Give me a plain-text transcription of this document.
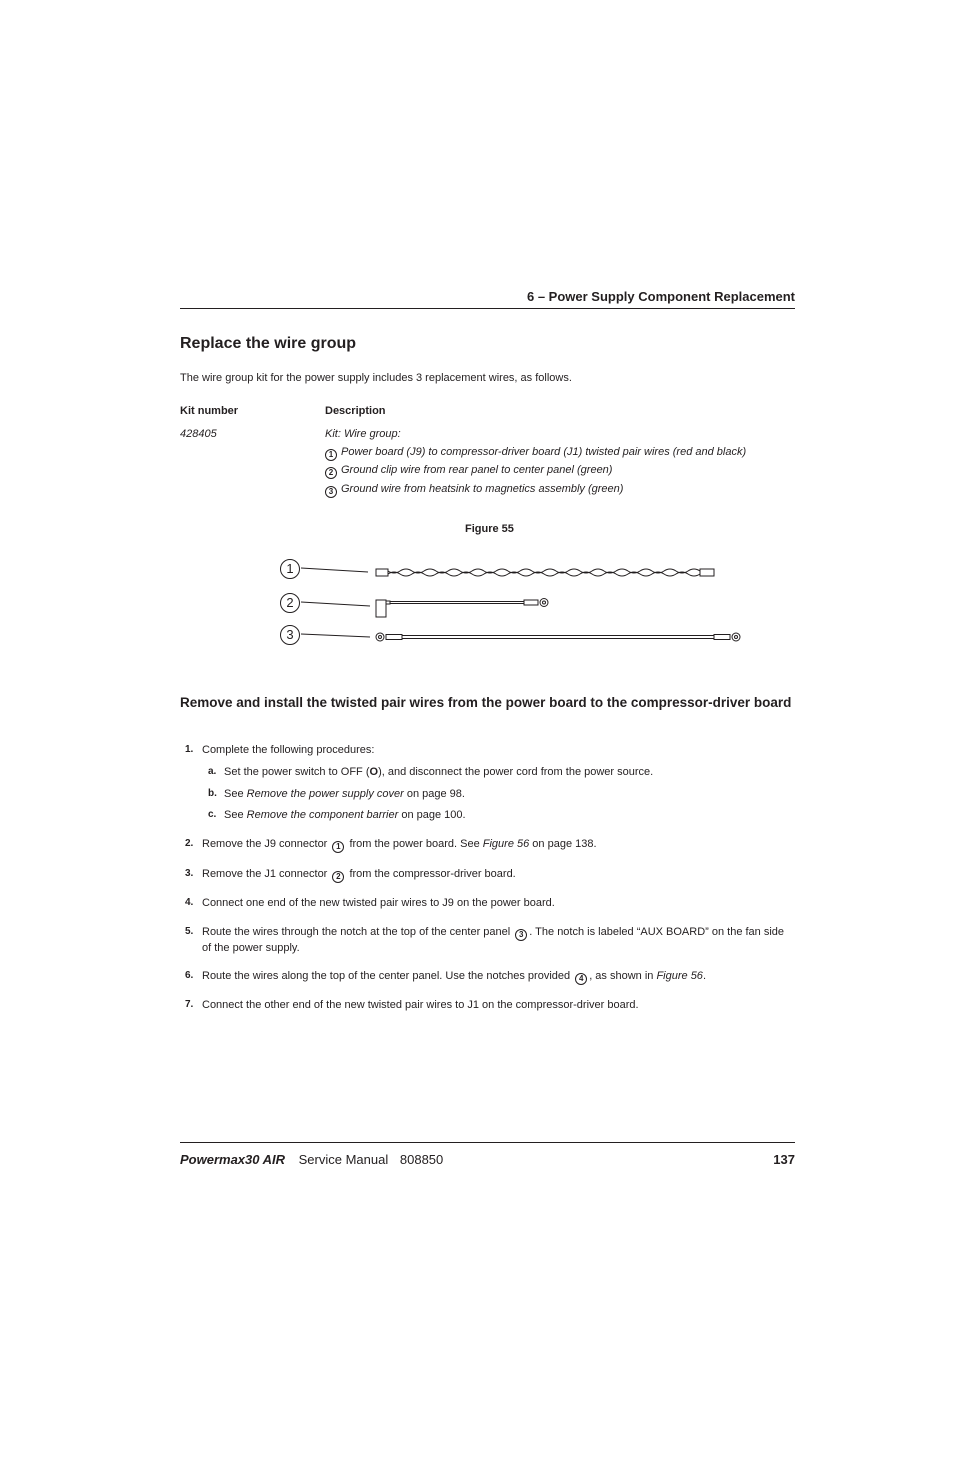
6 – Power Supply Component Replacement
Replace the wire group
The wire group kit for the power supply includes 3 replacement wires, as follows.
Kit number	Description
428405	Kit: Wire group:
1 Power board (J9) to compressor-driver board (J1) twisted pair wires (red and black)
2 Ground clip wire from rear panel to center panel (green)
3 Ground wire from heatsink to magnetics assembly (green)
Figure 55
1
2
3
Remove and install the twisted pair wires from the power board to the compressor-driver board
1. Complete the following procedures:
a. Set the power switch to OFF (O), and disconnect the power cord from the power source.
b. See Remove the power supply cover on page 98.
c. See Remove the component barrier on page 100.
2. Remove the J9 connector 1 from the power board. See Figure 56 on page 138.
3. Remove the J1 connector 2 from the compressor-driver board.
4. Connect one end of the new twisted pair wires to J9 on the power board.
5. Route the wires through the notch at the top of the center panel 3 . The notch is labeled “AUX BOARD” on the fan side of the power supply.
6. Route the wires along the top of the center panel. Use the notches provided 4 , as shown in Figure 56.
7. Connect the other end of the new twisted pair wires to J1 on the compressor-driver board.
Powermax30 AIR Service Manual 808850	137
